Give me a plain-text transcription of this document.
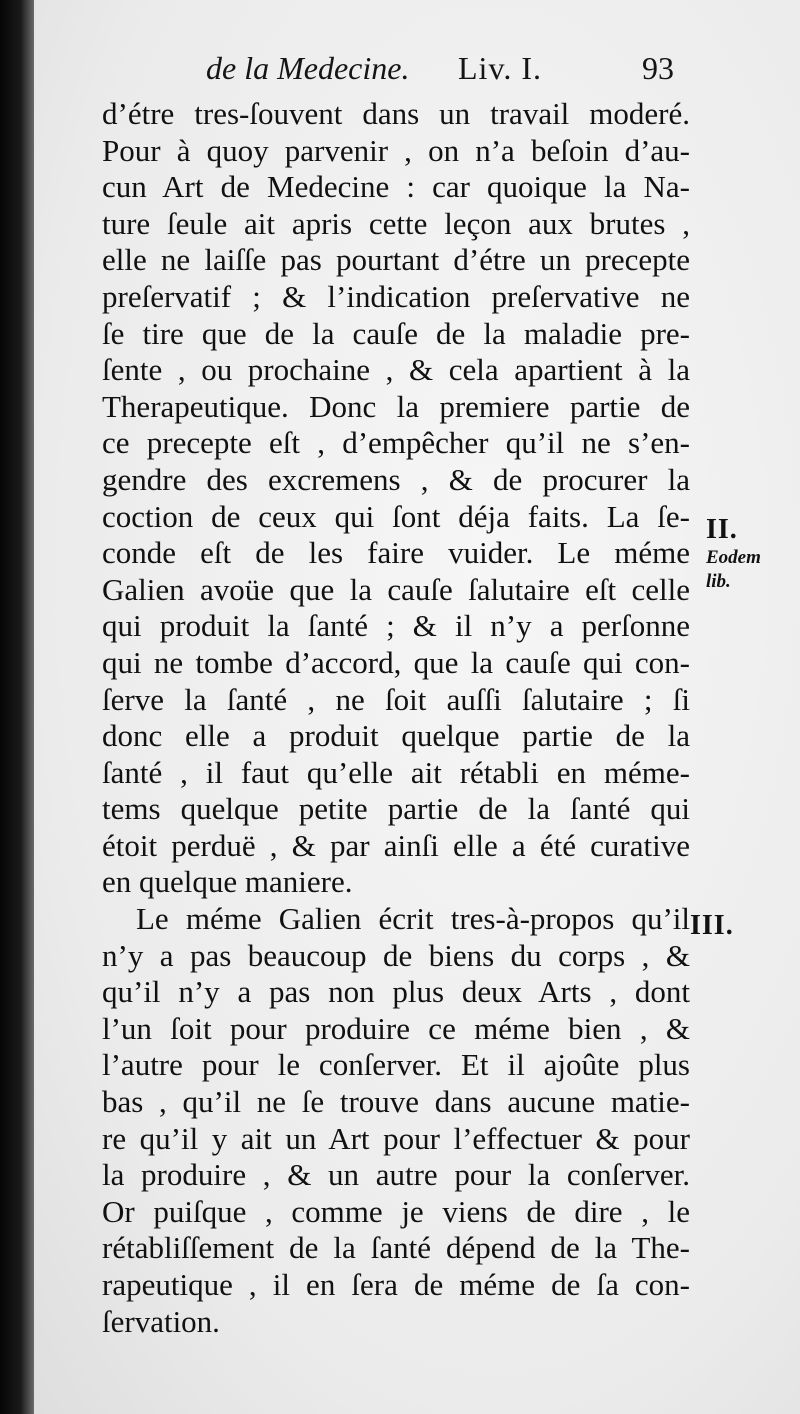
de la Medecine. Liv. I.	93
d’étre tres-ſouvent dans un travail moderé.
Pour à quoy parvenir , on n’a beſoin d’au-
cun Art de Medecine : car quoique la Na-
ture ſeule ait apris cette leçon aux brutes ,
elle ne laiſſe pas pourtant d’étre un precepte
preſervatif ; & l’indication preſervative ne
ſe tire que de la cauſe de la maladie pre-
ſente , ou prochaine , & cela apartient à la
Therapeutique. Donc la premiere partie de
ce precepte eſt , d’empêcher qu’il ne s’en-
gendre des excremens , & de procurer la
coction de ceux qui ſont déja faits. La ſe-
conde eſt de les faire vuider. Le méme
Galien avoüe que la cauſe ſalutaire eſt celle
qui produit la ſanté ; & il n’y a perſonne
qui ne tombe d’accord, que la cauſe qui con-
ſerve la ſanté , ne ſoit auſſi ſalutaire ; ſi
donc elle a produit quelque partie de la
ſanté , il faut qu’elle ait rétabli en méme-
tems quelque petite partie de la ſanté qui
étoit perduë , & par ainſi elle a été curative
en quelque maniere.
Le méme Galien écrit tres-à-propos qu’il
n’y a pas beaucoup de biens du corps , &
qu’il n’y a pas non plus deux Arts , dont
l’un ſoit pour produire ce méme bien , &
l’autre pour le conſerver. Et il ajoûte plus
bas , qu’il ne ſe trouve dans aucune matie-
re qu’il y ait un Art pour l’effectuer & pour
la produire , & un autre pour la conſerver.
Or puiſque , comme je viens de dire , le
rétabliſſement de la ſanté dépend de la The-
rapeutique , il en ſera de méme de ſa con-
ſervation.
II.
Eodem
lib.
III.
